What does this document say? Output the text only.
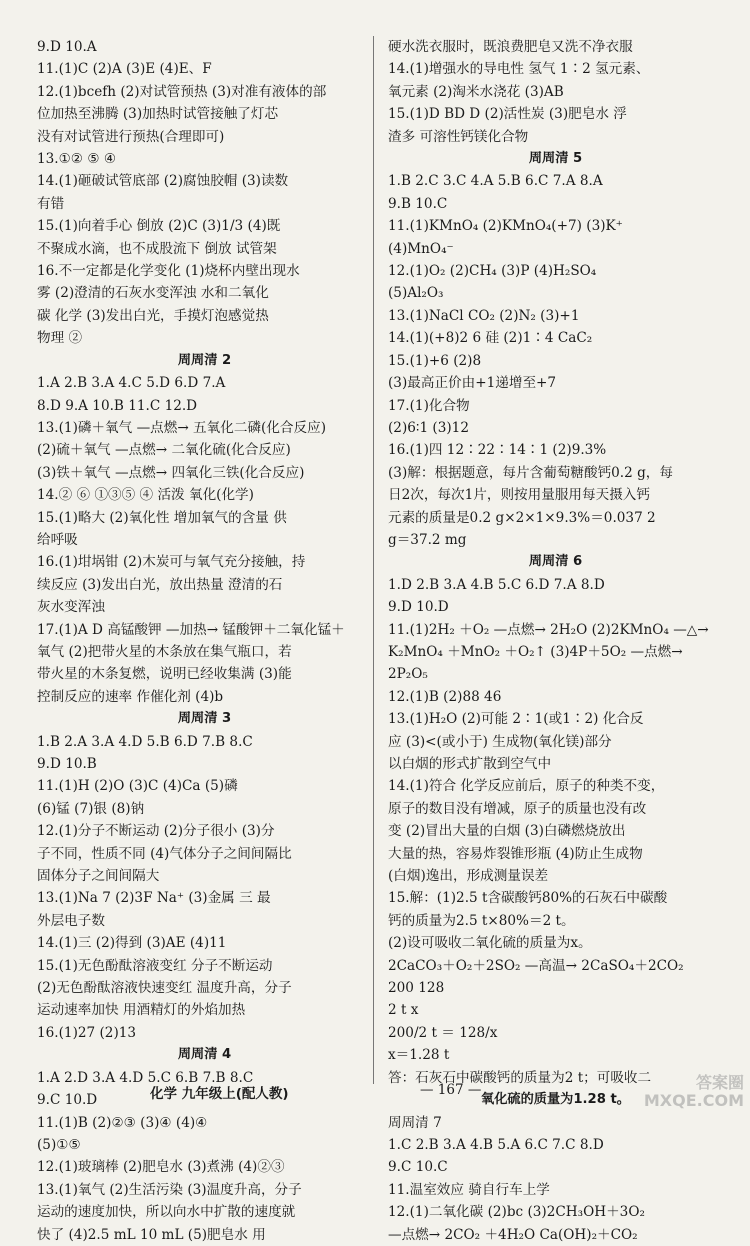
9.D 10.A
11.(1)C (2)A (3)E (4)E、F
12.(1)bcefh (2)对试管预热 (3)对准有液体的部
位加热至沸腾 (3)加热时试管接触了灯芯
没有对试管进行预热(合理即可)
13.①② ⑤ ④
14.(1)砸破试管底部 (2)腐蚀胶帽 (3)读数
有错
15.(1)向着手心 倒放 (2)C (3)1/3 (4)既
不聚成水滴，也不成股流下 倒放 试管架
16.不一定都是化学变化 (1)烧杯内壁出现水
雾 (2)澄清的石灰水变浑浊 水和二氧化
碳 化学 (3)发出白光，手摸灯泡感觉热
物理 ②
周周清 2
1.A 2.B 3.A 4.C 5.D 6.D 7.A
8.D 9.A 10.B 11.C 12.D
13.(1)磷＋氧气 —点燃→ 五氧化二磷(化合反应)
(2)硫＋氧气 —点燃→ 二氧化硫(化合反应)
(3)铁＋氧气 —点燃→ 四氧化三铁(化合反应)
14.② ⑥ ①③⑤ ④ 活泼 氧化(化学)
15.(1)略大 (2)氧化性 增加氧气的含量 供
给呼吸
16.(1)坩埚钳 (2)木炭可与氧气充分接触，持
续反应 (3)发出白光，放出热量 澄清的石
灰水变浑浊
17.(1)A D 高锰酸钾 —加热→ 锰酸钾＋二氧化锰＋
氧气 (2)把带火星的木条放在集气瓶口，若
带火星的木条复燃，说明已经收集满 (3)能
控制反应的速率 作催化剂 (4)b
周周清 3
1.B 2.A 3.A 4.D 5.B 6.D 7.B 8.C
9.D 10.B
11.(1)H (2)O (3)C (4)Ca (5)磷
(6)锰 (7)银 (8)钠
12.(1)分子不断运动 (2)分子很小 (3)分
子不同，性质不同 (4)气体分子之间间隔比
固体分子之间间隔大
13.(1)Na 7 (2)3F Na⁺ (3)金属 三 最
外层电子数
14.(1)三 (2)得到 (3)AE (4)11
15.(1)无色酚酞溶液变红 分子不断运动
(2)无色酚酞溶液快速变红 温度升高，分子
运动速率加快 用酒精灯的外焰加热
16.(1)27 (2)13
周周清 4
1.A 2.D 3.A 4.D 5.C 6.B 7.B 8.C
9.C 10.D
11.(1)B (2)②③ (3)④ (4)④
(5)①⑤
12.(1)玻璃棒 (2)肥皂水 (3)煮沸 (4)②③
13.(1)氧气 (2)生活污染 (3)温度升高，分子
运动的速度加快，所以向水中扩散的速度就
快了 (4)2.5 mL 10 mL (5)肥皂水 用
硬水洗衣服时，既浪费肥皂又洗不净衣服
14.(1)增强水的导电性 氢气 1∶2 氢元素、
氧元素 (2)淘米水浇花 (3)AB
15.(1)D BD D (2)活性炭 (3)肥皂水 浮
渣多 可溶性钙镁化合物
周周清 5
1.B 2.C 3.C 4.A 5.B 6.C 7.A 8.A
9.B 10.C
11.(1)KMnO₄ (2)KMnO₄(+7) (3)K⁺
(4)MnO₄⁻
12.(1)O₂ (2)CH₄ (3)P (4)H₂SO₄
(5)Al₂O₃
13.(1)NaCl CO₂ (2)N₂ (3)+1
14.(1)(+8)2 6 硅 (2)1∶4 CaC₂
15.(1)+6 (2)8
(3)最高正价由+1递增至+7
17.(1)化合物
(2)6∶1 (3)12
16.(1)四 12∶22∶14∶1 (2)9.3%
(3)解：根据题意，每片含葡萄糖酸钙0.2 g，每
日2次，每次1片，则按用量服用每天摄入钙
元素的质量是0.2 g×2×1×9.3%＝0.037 2
g＝37.2 mg
周周清 6
1.D 2.B 3.A 4.B 5.C 6.D 7.A 8.D
9.D 10.D
11.(1)2H₂ ＋O₂ —点燃→ 2H₂O (2)2KMnO₄ —△→
K₂MnO₄ ＋MnO₂ ＋O₂↑ (3)4P＋5O₂ —点燃→
2P₂O₅
12.(1)B (2)88 46
13.(1)H₂O (2)可能 2∶1(或1∶2) 化合反
应 (3)<(或小于) 生成物(氧化镁)部分
以白烟的形式扩散到空气中
14.(1)符合 化学反应前后，原子的种类不变，
原子的数目没有增减，原子的质量也没有改
变 (2)冒出大量的白烟 (3)白磷燃烧放出
大量的热，容易炸裂锥形瓶 (4)防止生成物
(白烟)逸出，形成测量误差
15.解：(1)2.5 t含碳酸钙80%的石灰石中碳酸
钙的质量为2.5 t×80%＝2 t。
(2)设可吸收二氧化硫的质量为x。
2CaCO₃＋O₂＋2SO₂ —高温→ 2CaSO₄＋2CO₂
200 128
2 t x
200/2 t ＝ 128/x
x＝1.28 t
答：石灰石中碳酸钙的质量为2 t；可吸收二
氧化硫的质量为1.28 t。
周周清 7
1.C 2.B 3.A 4.B 5.A 6.C 7.C 8.D
9.C 10.C
11.温室效应 骑自行车上学
12.(1)二氧化碳 (2)bc (3)2CH₃OH＋3O₂
—点燃→ 2CO₂ ＋4H₂O Ca(OH)₂＋CO₂
化学 九年级上(配人教)	— 167 —	答案圈
MXQE.COM
